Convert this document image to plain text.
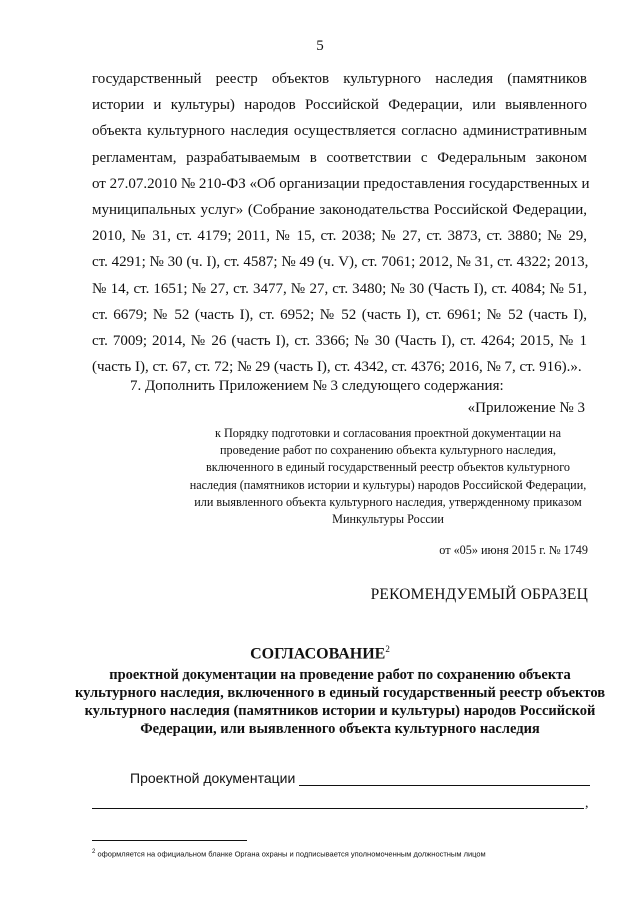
5
государственный реестр объектов культурного наследия (памятников
истории и культуры) народов Российской Федерации, или выявленного
объекта культурного наследия осуществляется согласно административным
регламентам, разрабатываемым в соответствии с Федеральным законом
от 27.07.2010 № 210-ФЗ «Об организации предоставления государственных и
муниципальных услуг» (Собрание законодательства Российской Федерации,
2010, № 31, ст. 4179; 2011, № 15, ст. 2038; № 27, ст. 3873, ст. 3880; № 29,
ст. 4291; № 30 (ч. I), ст. 4587; № 49 (ч. V), ст. 7061; 2012, № 31, ст. 4322; 2013,
№ 14, ст. 1651; № 27, ст. 3477, № 27, ст. 3480; № 30 (Часть I), ст. 4084; № 51,
ст. 6679; № 52 (часть I), ст. 6952; № 52 (часть I), ст. 6961; № 52 (часть I),
ст. 7009; 2014, № 26 (часть I), ст. 3366; № 30 (Часть I), ст. 4264; 2015, № 1
(часть I), ст. 67, ст. 72; № 29 (часть I), ст. 4342, ст. 4376; 2016, № 7, ст. 916).».
7. Дополнить Приложением № 3 следующего содержания:
«Приложение № 3
к Порядку подготовки и согласования проектной документации на проведение работ по сохранению объекта культурного наследия, включенного в единый государственный реестр объектов культурного наследия (памятников истории и культуры) народов Российской Федерации, или выявленного объекта культурного наследия, утвержденному приказом Минкультуры России
от «05» июня 2015 г. № 1749
РЕКОМЕНДУЕМЫЙ ОБРАЗЕЦ
СОГЛАСОВАНИЕ$^2$
проектной документации на проведение работ по сохранению объекта культурного наследия, включенного в единый государственный реестр объектов культурного наследия (памятников истории и культуры) народов Российской Федерации, или выявленного объекта культурного наследия
Проектной документации
,
$^2$ оформляется на официальном бланке Органа охраны и подписывается уполномоченным должностным лицом
